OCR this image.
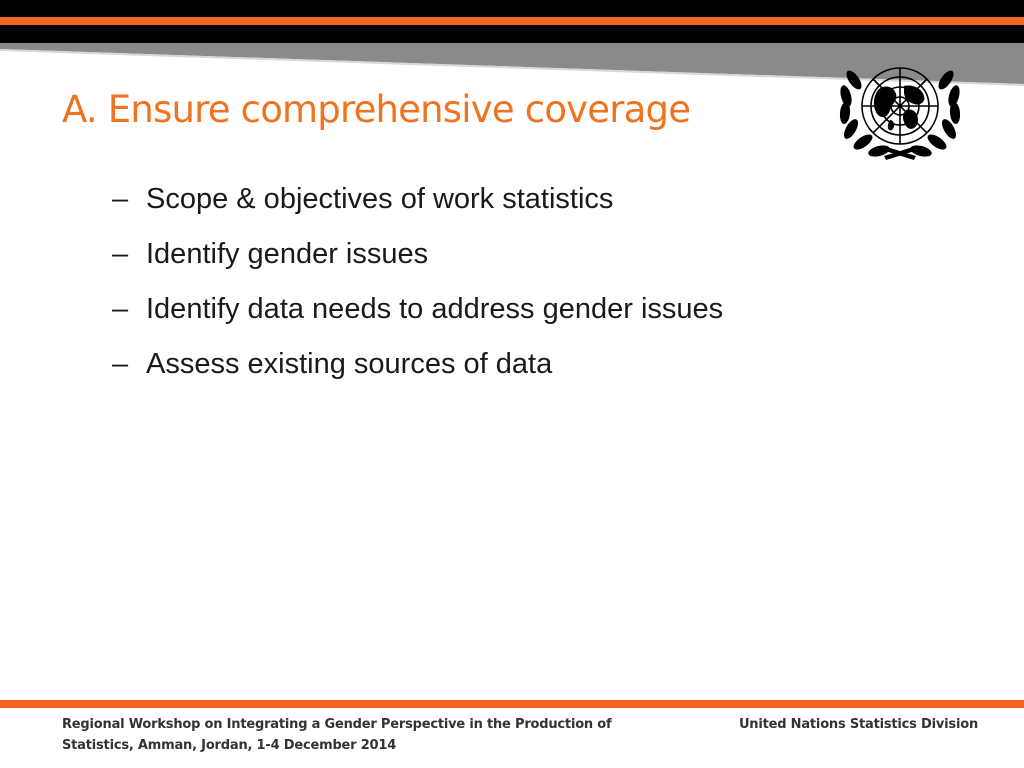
A. Ensure comprehensive coverage
– Scope & objectives of work statistics
– Identify gender issues
– Identify data needs to address gender issues
– Assess existing sources of data
Regional Workshop on Integrating a Gender Perspective in the Production of
Statistics, Amman, Jordan, 1-4 December 2014
United Nations Statistics Division
